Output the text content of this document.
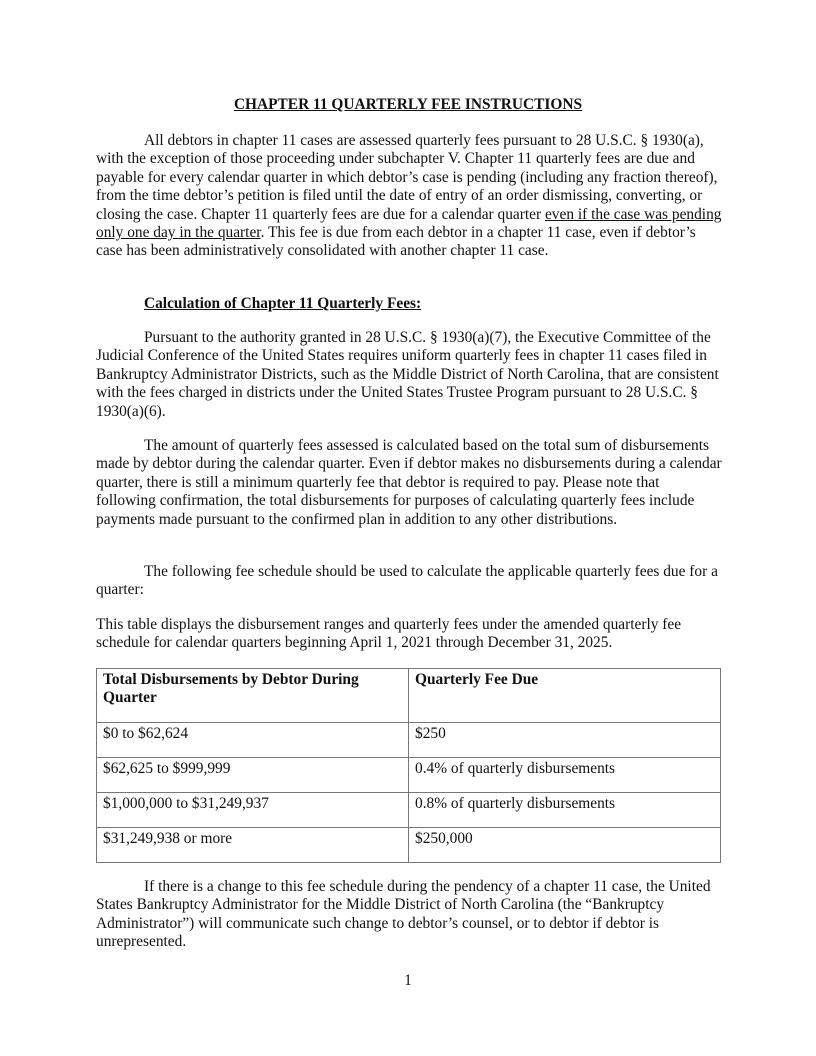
CHAPTER 11 QUARTERLY FEE INSTRUCTIONS

All debtors in chapter 11 cases are assessed quarterly fees pursuant to 28 U.S.C. § 1930(a), with the exception of those proceeding under subchapter V. Chapter 11 quarterly fees are due and payable for every calendar quarter in which debtor’s case is pending (including any fraction thereof), from the time debtor’s petition is filed until the date of entry of an order dismissing, converting, or closing the case. Chapter 11 quarterly fees are due for a calendar quarter even if the case was pending only one day in the quarter. This fee is due from each debtor in a chapter 11 case, even if debtor’s case has been administratively consolidated with another chapter 11 case.

Calculation of Chapter 11 Quarterly Fees:

Pursuant to the authority granted in 28 U.S.C. § 1930(a)(7), the Executive Committee of the Judicial Conference of the United States requires uniform quarterly fees in chapter 11 cases filed in Bankruptcy Administrator Districts, such as the Middle District of North Carolina, that are consistent with the fees charged in districts under the United States Trustee Program pursuant to 28 U.S.C. § 1930(a)(6).

The amount of quarterly fees assessed is calculated based on the total sum of disbursements made by debtor during the calendar quarter. Even if debtor makes no disbursements during a calendar quarter, there is still a minimum quarterly fee that debtor is required to pay. Please note that following confirmation, the total disbursements for purposes of calculating quarterly fees include payments made pursuant to the confirmed plan in addition to any other distributions.

The following fee schedule should be used to calculate the applicable quarterly fees due for a quarter:

This table displays the disbursement ranges and quarterly fees under the amended quarterly fee schedule for calendar quarters beginning April 1, 2021 through December 31, 2025.

Total Disbursements by Debtor During Quarter	Quarterly Fee Due
$0 to $62,624	$250
$62,625 to $999,999	0.4% of quarterly disbursements
$1,000,000 to $31,249,937	0.8% of quarterly disbursements
$31,249,938 or more	$250,000

If there is a change to this fee schedule during the pendency of a chapter 11 case, the United States Bankruptcy Administrator for the Middle District of North Carolina (the “Bankruptcy Administrator”) will communicate such change to debtor’s counsel, or to debtor if debtor is unrepresented.

1
